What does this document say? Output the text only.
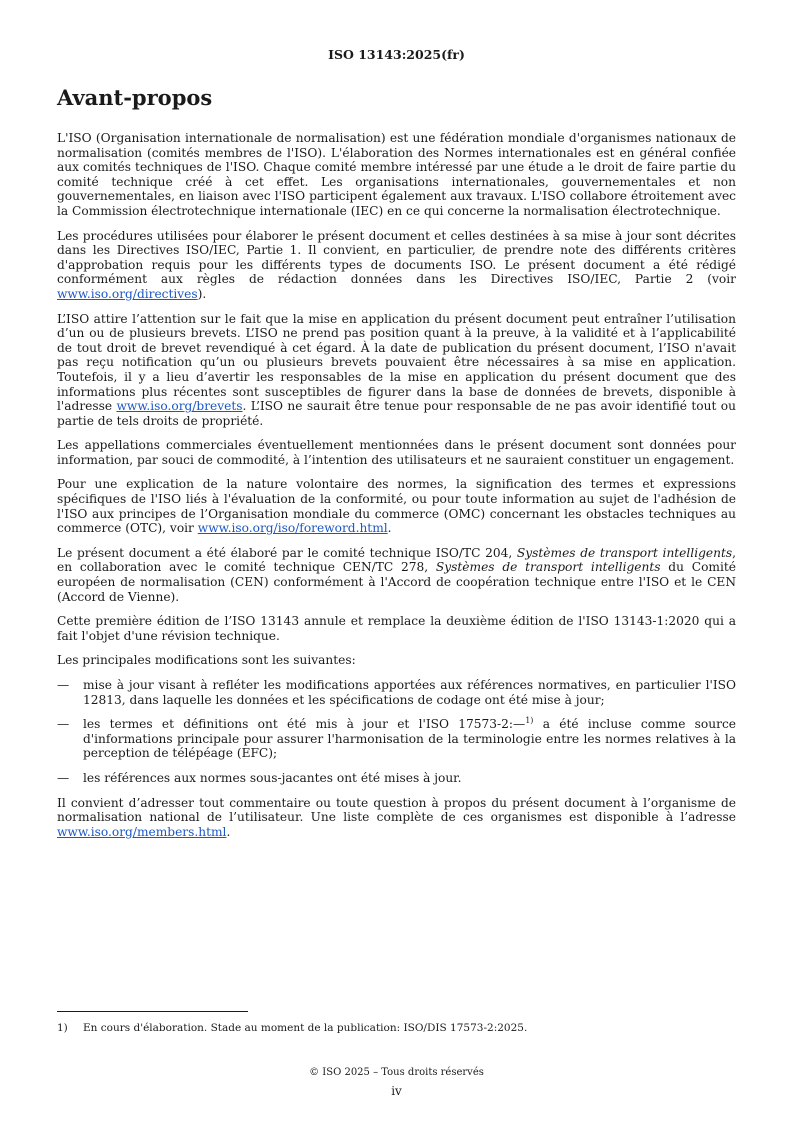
ISO 13143:2025(fr)
Avant-propos

L'ISO (Organisation internationale de normalisation) est une fédération mondiale d'organismes nationaux de normalisation (comités membres de l'ISO). L'élaboration des Normes internationales est en général confiée aux comités techniques de l'ISO. Chaque comité membre intéressé par une étude a le droit de faire partie du comité technique créé à cet effet. Les organisations internationales, gouvernementales et non gouvernementales, en liaison avec l'ISO participent également aux travaux. L'ISO collabore étroitement avec la Commission électrotechnique internationale (IEC) en ce qui concerne la normalisation électrotechnique.

Les procédures utilisées pour élaborer le présent document et celles destinées à sa mise à jour sont décrites dans les Directives ISO/IEC, Partie 1. Il convient, en particulier, de prendre note des différents critères d'approbation requis pour les différents types de documents ISO. Le présent document a été rédigé conformément aux règles de rédaction données dans les Directives ISO/IEC, Partie 2 (voir www.iso.org/directives).

L’ISO attire l’attention sur le fait que la mise en application du présent document peut entraîner l’utilisation d’un ou de plusieurs brevets. L’ISO ne prend pas position quant à la preuve, à la validité et à l’applicabilité de tout droit de brevet revendiqué à cet égard. À la date de publication du présent document, l’ISO n'avait pas reçu notification qu’un ou plusieurs brevets pouvaient être nécessaires à sa mise en application. Toutefois, il y a lieu d’avertir les responsables de la mise en application du présent document que des informations plus récentes sont susceptibles de figurer dans la base de données de brevets, disponible à l'adresse www.iso.org/brevets. L’ISO ne saurait être tenue pour responsable de ne pas avoir identifié tout ou partie de tels droits de propriété.

Les appellations commerciales éventuellement mentionnées dans le présent document sont données pour information, par souci de commodité, à l’intention des utilisateurs et ne sauraient constituer un engagement.

Pour une explication de la nature volontaire des normes, la signification des termes et expressions spécifiques de l'ISO liés à l'évaluation de la conformité, ou pour toute information au sujet de l'adhésion de l'ISO aux principes de l’Organisation mondiale du commerce (OMC) concernant les obstacles techniques au commerce (OTC), voir www.iso.org/iso/foreword.html.

Le présent document a été élaboré par le comité technique ISO/TC 204, Systèmes de transport intelligents, en collaboration avec le comité technique CEN/TC 278, Systèmes de transport intelligents du Comité européen de normalisation (CEN) conformément à l'Accord de coopération technique entre l'ISO et le CEN (Accord de Vienne).

Cette première édition de l’ISO 13143 annule et remplace la deuxième édition de l'ISO 13143-1:2020 qui a fait l'objet d'une révision technique.

Les principales modifications sont les suivantes:

— mise à jour visant à refléter les modifications apportées aux références normatives, en particulier l'ISO 12813, dans laquelle les données et les spécifications de codage ont été mise à jour;
— les termes et définitions ont été mis à jour et l'ISO 17573-2:—$^{1)}$ a été incluse comme source d'informations principale pour assurer l'harmonisation de la terminologie entre les normes relatives à la perception de télépéage (EFC);
— les références aux normes sous-jacantes ont été mises à jour.

Il convient d’adresser tout commentaire ou toute question à propos du présent document à l’organisme de normalisation national de l’utilisateur. Une liste complète de ces organismes est disponible à l’adresse www.iso.org/members.html.

1) En cours d'élaboration. Stade au moment de la publication: ISO/DIS 17573-2:2025.
© ISO 2025 – Tous droits réservés
iv
